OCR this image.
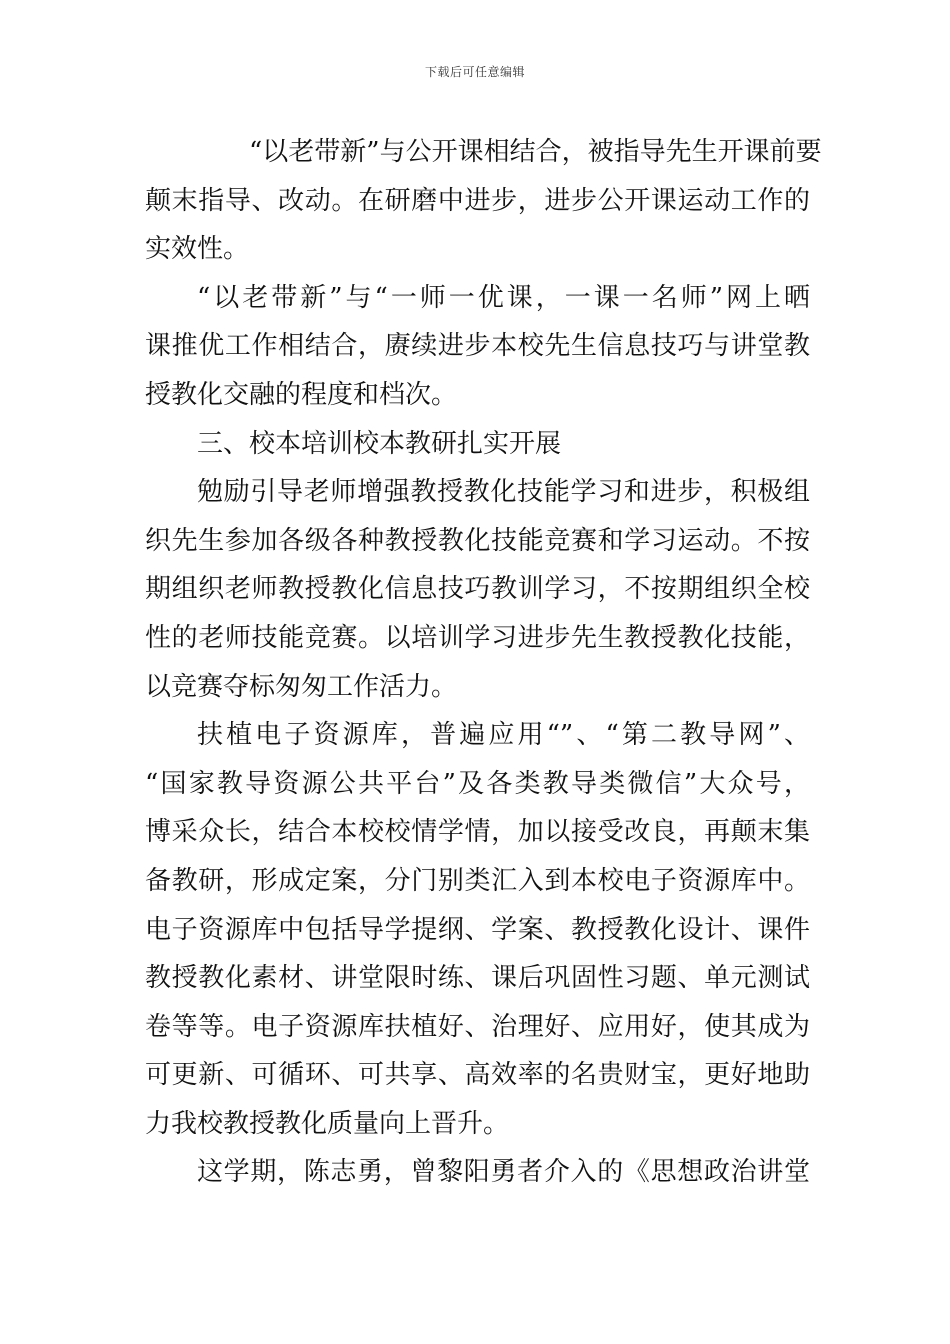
下载后可任意编辑
“以老带新”与公开课相结合，被指导先生开课前要
颠末指导、改动。在研磨中进步，进步公开课运动工作的
实效性。
“以老带新”与“一师一优课，一课一名师”网上晒
课推优工作相结合，赓续进步本校先生信息技巧与讲堂教
授教化交融的程度和档次。
三、校本培训校本教研扎实开展
勉励引导老师增强教授教化技能学习和进步，积极组
织先生参加各级各种教授教化技能竞赛和学习运动。不按
期组织老师教授教化信息技巧教训学习，不按期组织全校
性的老师技能竞赛。以培训学习进步先生教授教化技能，
以竞赛夺标匆匆工作活力。
扶植电子资源库，普遍应用“”、“第二教导网”、
“国家教导资源公共平台”及各类教导类微信”大众号，
博采众长，结合本校校情学情，加以接受改良，再颠末集
备教研，形成定案，分门别类汇入到本校电子资源库中。
电子资源库中包括导学提纲、学案、教授教化设计、课件
教授教化素材、讲堂限时练、课后巩固性习题、单元测试
卷等等。电子资源库扶植好、治理好、应用好，使其成为
可更新、可循环、可共享、高效率的名贵财宝，更好地助
力我校教授教化质量向上晋升。
这学期，陈志勇，曾黎阳勇者介入的《思想政治讲堂
